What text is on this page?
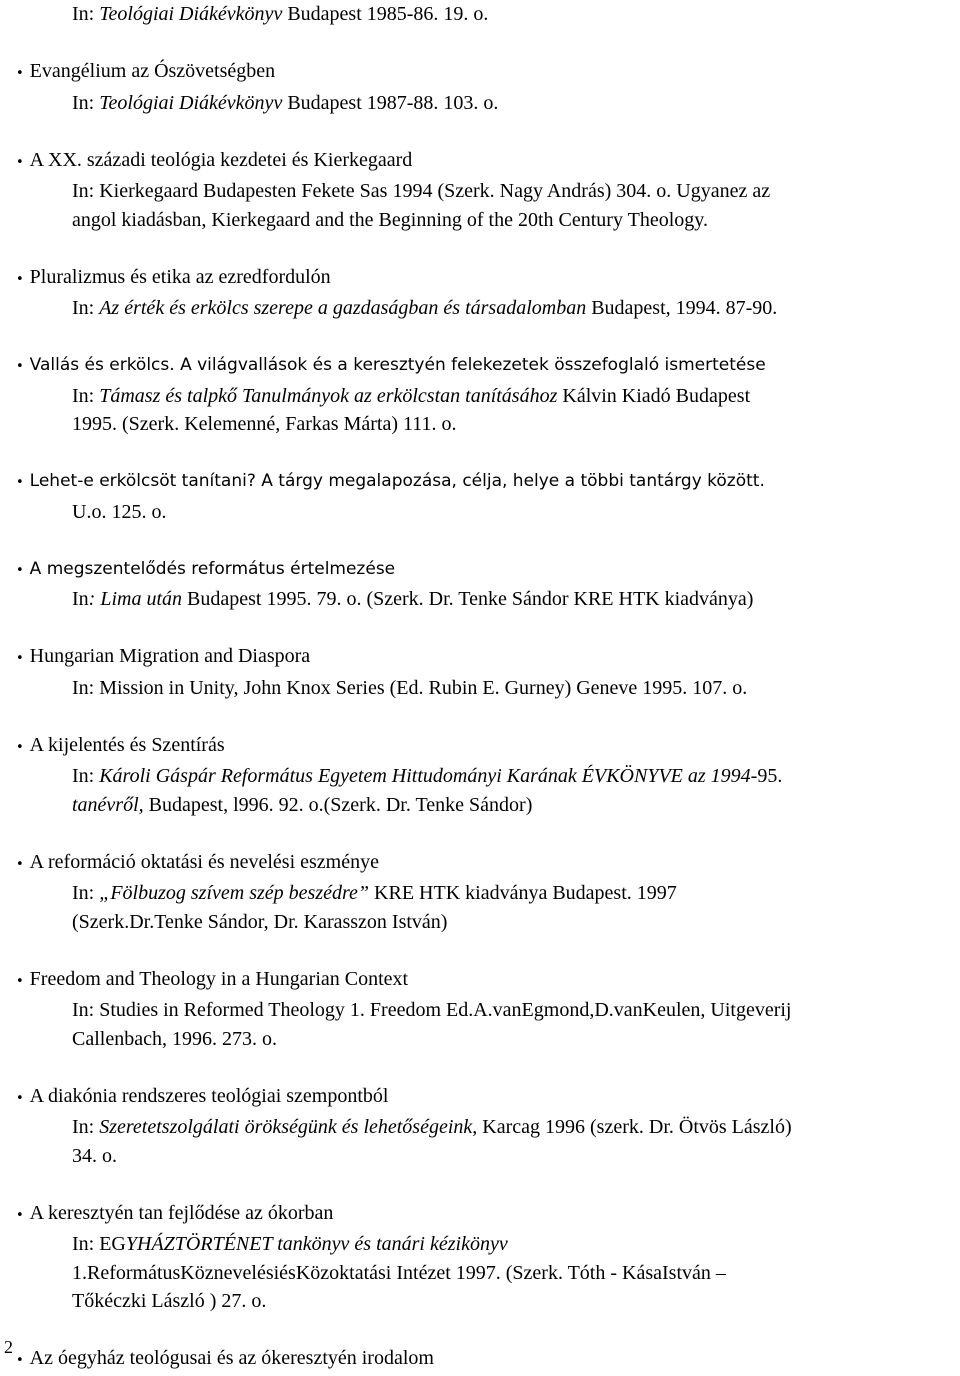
In: Teológiai Diákévkönyv Budapest 1985-86. 19. o.
• Evangélium az Ószövetségben
In: Teológiai Diákévkönyv Budapest 1987-88. 103. o.
• A XX. századi teológia kezdetei és Kierkegaard
In: Kierkegaard Budapesten Fekete Sas 1994 (Szerk. Nagy András) 304. o. Ugyanez az
angol kiadásban, Kierkegaard and the Beginning of the 20th Century Theology.
• Pluralizmus és etika az ezredfordulón
In: Az érték és erkölcs szerepe a gazdaságban és társadalomban Budapest, 1994. 87-90.
• Vallás és erkölcs. A világvallások és a keresztyén felekezetek összefoglaló ismertetése
In: Támasz és talpkő Tanulmányok az erkölcstan tanításához Kálvin Kiadó Budapest
1995. (Szerk. Kelemenné, Farkas Márta) 111. o.
• Lehet-e erkölcsöt tanítani? A tárgy megalapozása, célja, helye a többi tantárgy között.
U.o. 125. o.
• A megszentelődés református értelmezése
In: Lima után Budapest 1995. 79. o. (Szerk. Dr. Tenke Sándor KRE HTK kiadványa)
• Hungarian Migration and Diaspora
In: Mission in Unity, John Knox Series (Ed. Rubin E. Gurney) Geneve 1995. 107. o.
• A kijelentés és Szentírás
In: Károli Gáspár Református Egyetem Hittudományi Karának ÉVKÖNYVE az 1994-95.
tanévről, Budapest, l996. 92. o.(Szerk. Dr. Tenke Sándor)
• A reformáció oktatási és nevelési eszménye
In: „Fölbuzog szívem szép beszédre” KRE HTK kiadványa Budapest. 1997
(Szerk.Dr.Tenke Sándor, Dr. Karasszon István)
• Freedom and Theology in a Hungarian Context
In: Studies in Reformed Theology 1. Freedom Ed.A.vanEgmond,D.vanKeulen, Uitgeverij
Callenbach, 1996. 273. o.
• A diakónia rendszeres teológiai szempontból
In: Szeretetszolgálati örökségünk és lehetőségeink, Karcag 1996 (szerk. Dr. Ötvös László)
34. o.
• A keresztyén tan fejlődése az ókorban
In: EGYHÁZTÖRTÉNET tankönyv és tanári kézikönyv
1.ReformátusKöznevelésiésKözoktatási Intézet 1997. (Szerk. Tóth - KásaIstván –
Tőkéczki László ) 27. o.
• Az óegyház teológusai és az ókeresztyén irodalom
2
